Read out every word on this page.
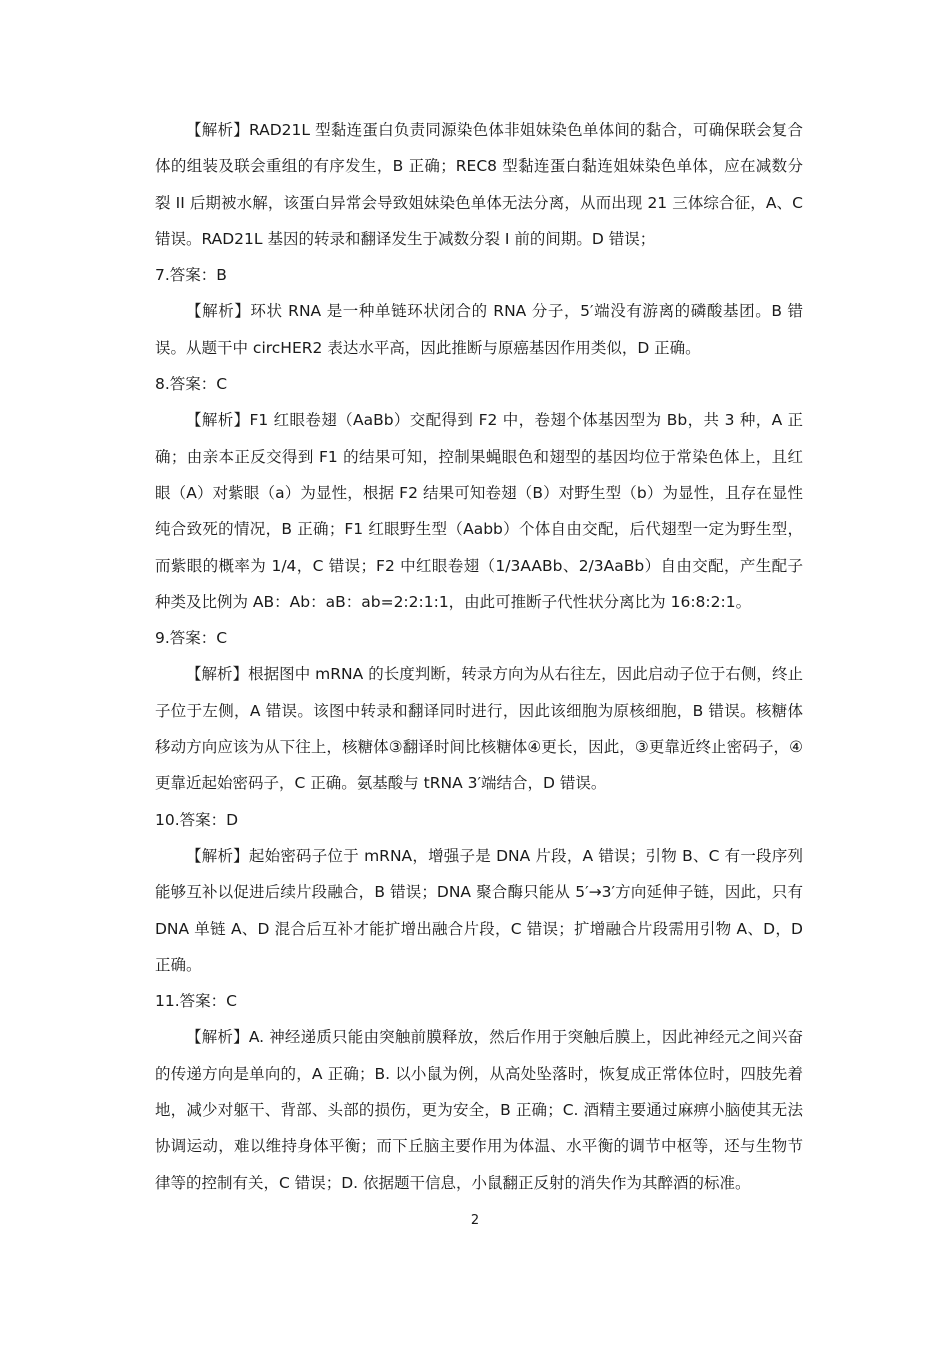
【解析】RAD21L 型黏连蛋白负责同源染色体非姐妹染色单体间的黏合，可确保联会复合体的组装及联会重组的有序发生，B 正确；REC8 型黏连蛋白黏连姐妹染色单体，应在减数分裂 II 后期被水解，该蛋白异常会导致姐妹染色单体无法分离，从而出现 21 三体综合征，A、C 错误。RAD21L 基因的转录和翻译发生于减数分裂 I 前的间期。D 错误；

7.答案：B

【解析】环状 RNA 是一种单链环状闭合的 RNA 分子，5′端没有游离的磷酸基团。B 错误。从题干中 circHER2 表达水平高，因此推断与原癌基因作用类似，D 正确。

8.答案：C

【解析】F1 红眼卷翅（AaBb）交配得到 F2 中，卷翅个体基因型为 Bb，共 3 种，A 正确；由亲本正反交得到 F1 的结果可知，控制果蝇眼色和翅型的基因均位于常染色体上，且红眼（A）对紫眼（a）为显性，根据 F2 结果可知卷翅（B）对野生型（b）为显性，且存在显性纯合致死的情况，B 正确；F1 红眼野生型（Aabb）个体自由交配，后代翅型一定为野生型，而紫眼的概率为 1/4，C 错误；F2 中红眼卷翅（1/3AABb、2/3AaBb）自由交配，产生配子种类及比例为 AB：Ab：aB：ab=2:2:1:1，由此可推断子代性状分离比为 16:8:2:1。

9.答案：C

【解析】根据图中 mRNA 的长度判断，转录方向为从右往左，因此启动子位于右侧，终止子位于左侧，A 错误。该图中转录和翻译同时进行，因此该细胞为原核细胞，B 错误。核糖体移动方向应该为从下往上，核糖体③翻译时间比核糖体④更长，因此，③更靠近终止密码子，④更靠近起始密码子，C 正确。氨基酸与 tRNA 3′端结合，D 错误。

10.答案：D

【解析】起始密码子位于 mRNA，增强子是 DNA 片段，A 错误；引物 B、C 有一段序列能够互补以促进后续片段融合，B 错误；DNA 聚合酶只能从 5′→3′方向延伸子链，因此，只有 DNA 单链 A、D 混合后互补才能扩增出融合片段，C 错误；扩增融合片段需用引物 A、D，D 正确。

11.答案：C

【解析】A. 神经递质只能由突触前膜释放，然后作用于突触后膜上，因此神经元之间兴奋的传递方向是单向的，A 正确；B. 以小鼠为例，从高处坠落时，恢复成正常体位时，四肢先着地，减少对躯干、背部、头部的损伤，更为安全，B 正确；C. 酒精主要通过麻痹小脑使其无法协调运动，难以维持身体平衡；而下丘脑主要作用为体温、水平衡的调节中枢等，还与生物节律等的控制有关，C 错误；D. 依据题干信息，小鼠翻正反射的消失作为其醉酒的标准。

2
